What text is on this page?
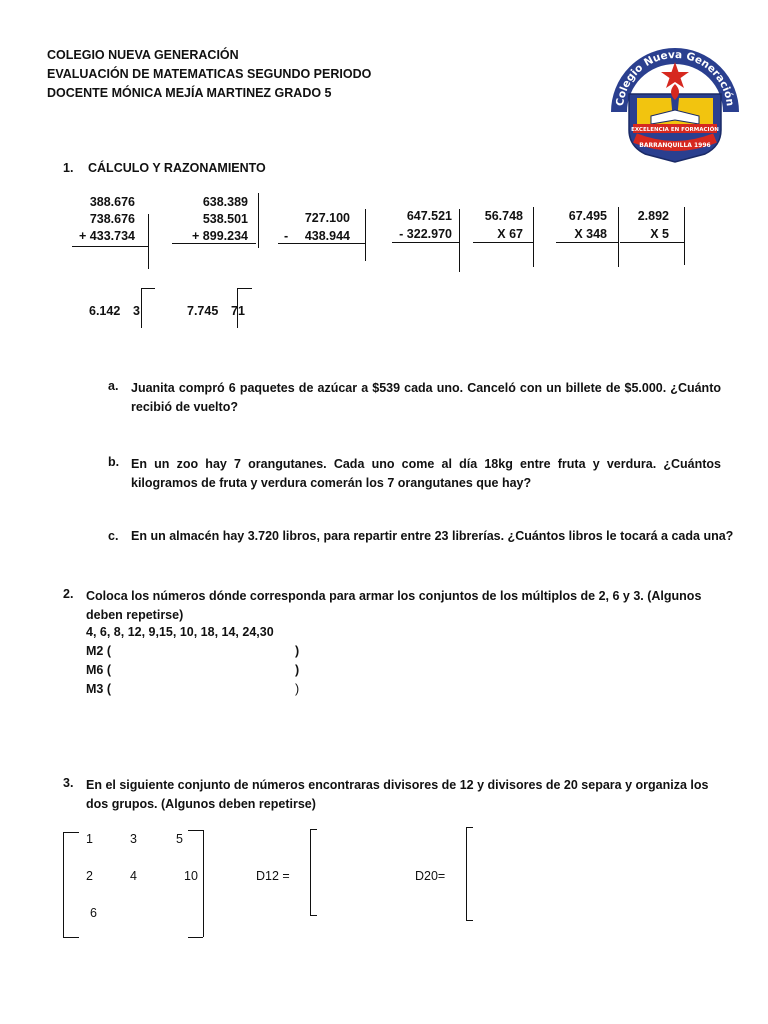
COLEGIO NUEVA GENERACIÓN
EVALUACIÓN DE MATEMATICAS SEGUNDO PERIODO
DOCENTE MÓNICA MEJÍA MARTINEZ GRADO 5
Colegio Nueva Generación
EXCELENCIA EN FORMACIÓN
BARRANQUILLA 1996
1. CÁLCULO Y RAZONAMIENTO
388.676
738.676
+ 433.734
638.389
538.501
+ 899.234
727.100
-	438.944
647.521
- 322.970
56.748
X 67
67.495
X 348
2.892
X 5
6.142 3	7.745 71
a. Juanita compró 6 paquetes de azúcar a $539 cada uno. Canceló con un billete de $5.000. ¿Cuánto recibió de vuelto?
b. En un zoo hay 7 orangutanes. Cada uno come al día 18kg entre fruta y verdura. ¿Cuántos kilogramos de fruta y verdura comerán los 7 orangutanes que hay?
c. En un almacén hay 3.720 libros, para repartir entre 23 librerías. ¿Cuántos libros le tocará a cada una?
2. Coloca los números dónde corresponda para armar los conjuntos de los múltiplos de 2, 6 y 3. (Algunos deben repetirse)
4, 6, 8, 12, 9,15, 10, 18, 14, 24,30
M2 (	)
M6 (	)
M3 (	)
3. En el siguiente conjunto de números encontraras divisores de 12 y divisores de 20 separa y organiza los dos grupos. (Algunos deben repetirse)
1	3	5
2	4	10
6
D12 =	D20=
